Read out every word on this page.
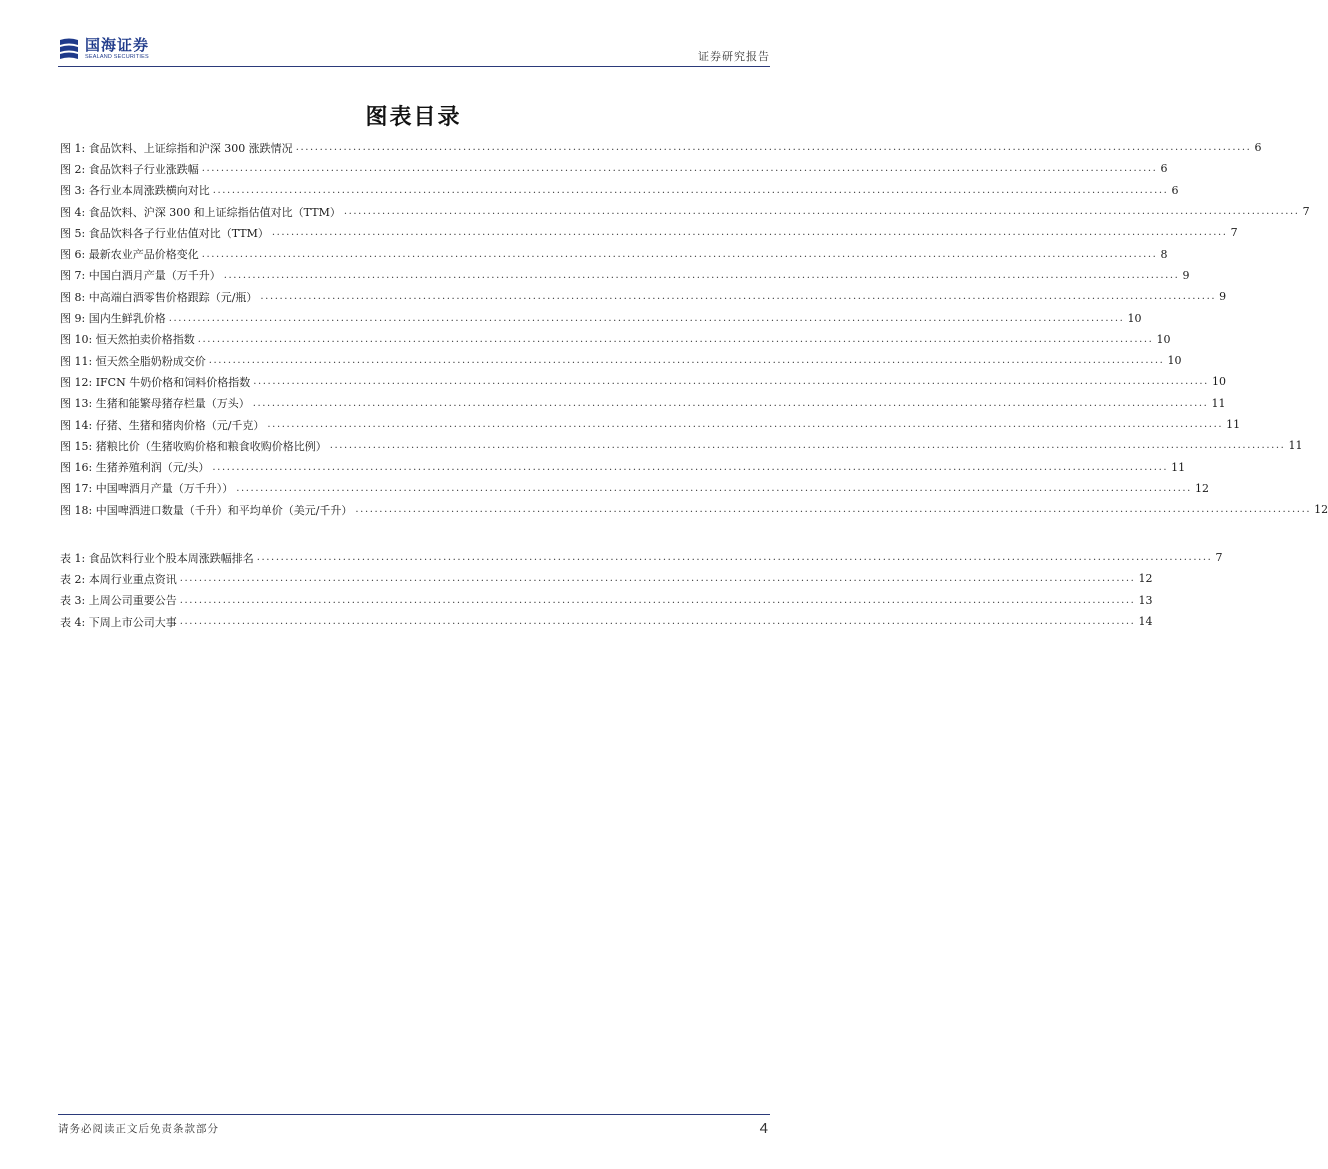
国海证券
SEALAND SECURITIES	证券研究报告
图表目录
图 1: 食品饮料、上证综指和沪深 300 涨跌情况 ........................................................................................................................................................................................................ 6
图 2: 食品饮料子行业涨跌幅 ........................................................................................................................................................................................................ 6
图 3: 各行业本周涨跌横向对比 ........................................................................................................................................................................................................ 6
图 4: 食品饮料、沪深 300 和上证综指估值对比（TTM） ........................................................................................................................................................................................................ 7
图 5: 食品饮料各子行业估值对比（TTM） ........................................................................................................................................................................................................ 7
图 6: 最新农业产品价格变化 ........................................................................................................................................................................................................ 8
图 7: 中国白酒月产量（万千升） ........................................................................................................................................................................................................ 9
图 8: 中高端白酒零售价格跟踪（元/瓶） ........................................................................................................................................................................................................ 9
图 9: 国内生鲜乳价格 ........................................................................................................................................................................................................ 10
图 10: 恒天然拍卖价格指数 ........................................................................................................................................................................................................ 10
图 11: 恒天然全脂奶粉成交价 ........................................................................................................................................................................................................ 10
图 12: IFCN 牛奶价格和饲料价格指数 ........................................................................................................................................................................................................ 10
图 13: 生猪和能繁母猪存栏量（万头） ........................................................................................................................................................................................................ 11
图 14: 仔猪、生猪和猪肉价格（元/千克） ........................................................................................................................................................................................................ 11
图 15: 猪粮比价（生猪收购价格和粮食收购价格比例） ........................................................................................................................................................................................................ 11
图 16: 生猪养殖利润（元/头） ........................................................................................................................................................................................................ 11
图 17: 中国啤酒月产量（万千升）） ........................................................................................................................................................................................................ 12
图 18: 中国啤酒进口数量（千升）和平均单价（美元/千升） ........................................................................................................................................................................................................ 12
表 1: 食品饮料行业个股本周涨跌幅排名 ........................................................................................................................................................................................................ 7
表 2: 本周行业重点资讯 ........................................................................................................................................................................................................ 12
表 3: 上周公司重要公告 ........................................................................................................................................................................................................ 13
表 4: 下周上市公司大事 ........................................................................................................................................................................................................ 14
请务必阅读正文后免责条款部分	4
